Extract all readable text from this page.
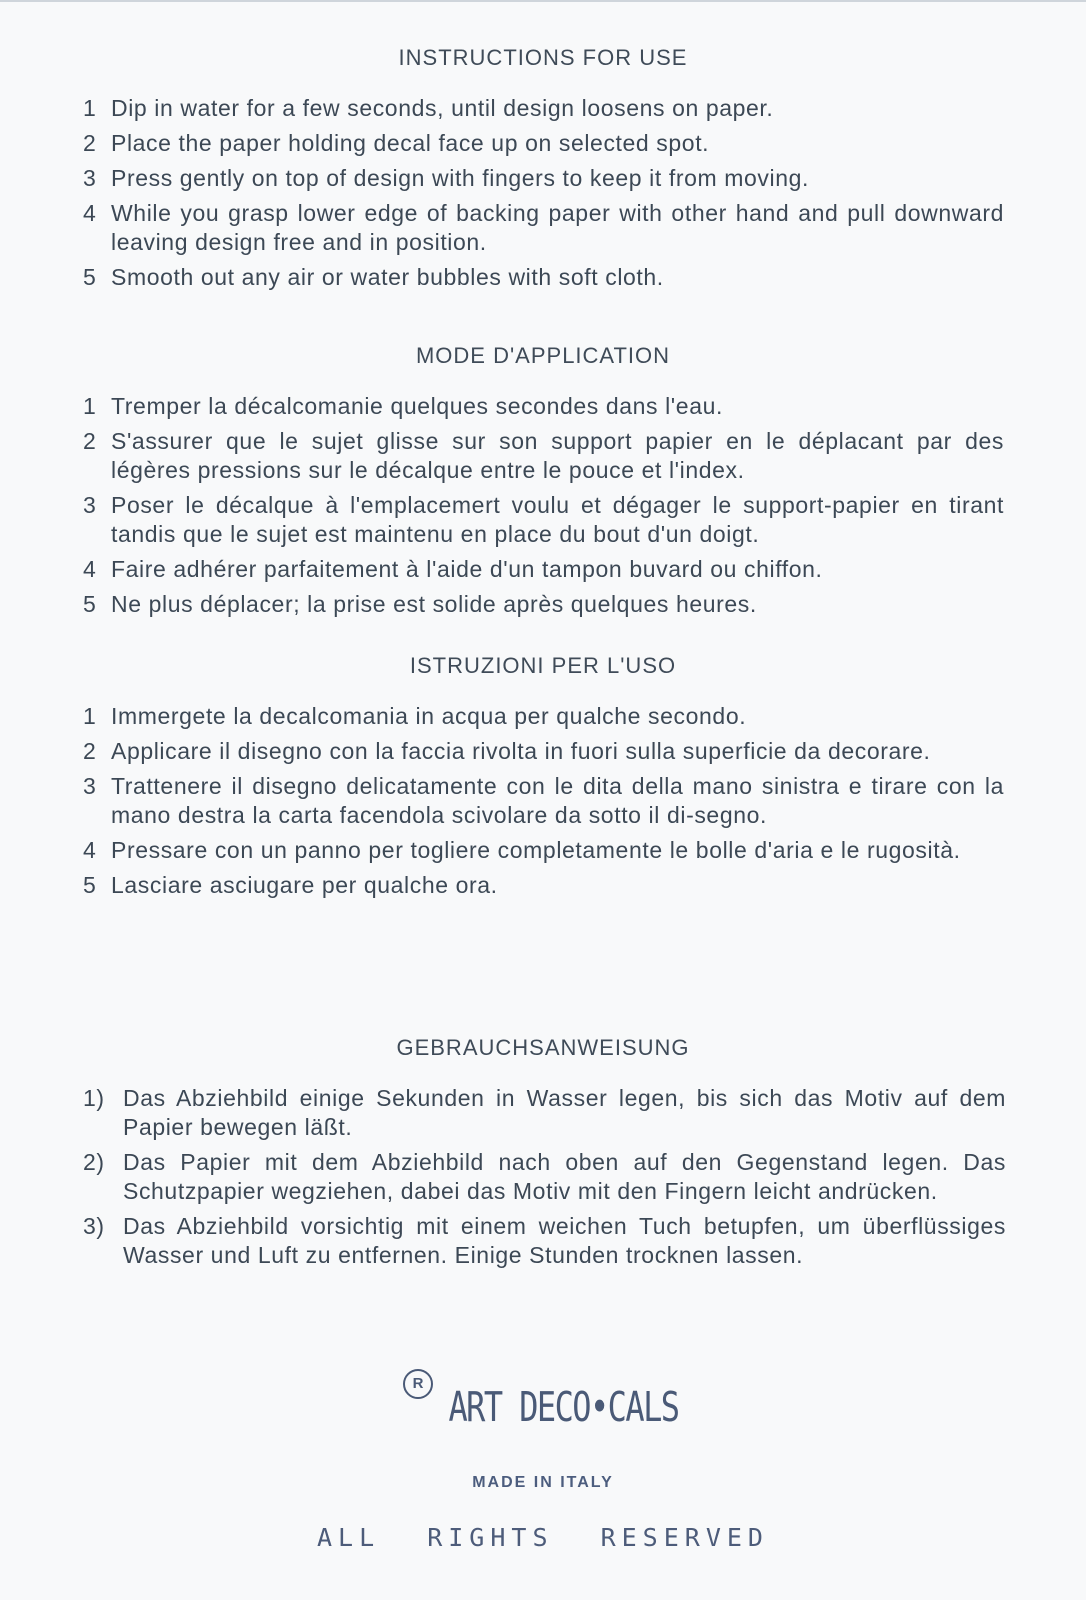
INSTRUCTIONS FOR USE
1 Dip in water for a few seconds, until design loosens on paper.
2 Place the paper holding decal face up on selected spot.
3 Press gently on top of design with fingers to keep it from moving.
4 While you grasp lower edge of backing paper with other hand and pull downward leaving design free and in position.
5 Smooth out any air or water bubbles with soft cloth.
MODE D'APPLICATION
1 Tremper la décalcomanie quelques secondes dans l'eau.
2 S'assurer que le sujet glisse sur son support papier en le déplacant par des légères pressions sur le décalque entre le pouce et l'index.
3 Poser le décalque à l'emplacemert voulu et dégager le support-papier en tirant tandis que le sujet est maintenu en place du bout d'un doigt.
4 Faire adhérer parfaitement à l'aide d'un tampon buvard ou chiffon.
5 Ne plus déplacer; la prise est solide après quelques heures.
ISTRUZIONI PER L'USO
1 Immergete la decalcomania in acqua per qualche secondo.
2 Applicare il disegno con la faccia rivolta in fuori sulla superficie da decorare.
3 Trattenere il disegno delicatamente con le dita della mano sinistra e tirare con la mano destra la carta facendola scivolare da sotto il di-segno.
4 Pressare con un panno per togliere completamente le bolle d'aria e le rugosità.
5 Lasciare asciugare per qualche ora.
GEBRAUCHSANWEISUNG
1) Das Abziehbild einige Sekunden in Wasser legen, bis sich das Motiv auf dem Papier bewegen läßt.
2) Das Papier mit dem Abziehbild nach oben auf den Gegenstand legen. Das Schutzpapier wegziehen, dabei das Motiv mit den Fingern leicht andrücken.
3) Das Abziehbild vorsichtig mit einem weichen Tuch betupfen, um überflüssiges Wasser und Luft zu entfernen. Einige Stunden trocknen lassen.
R ART DECO•CALS
MADE IN ITALY
ALL RIGHTS RESERVED
